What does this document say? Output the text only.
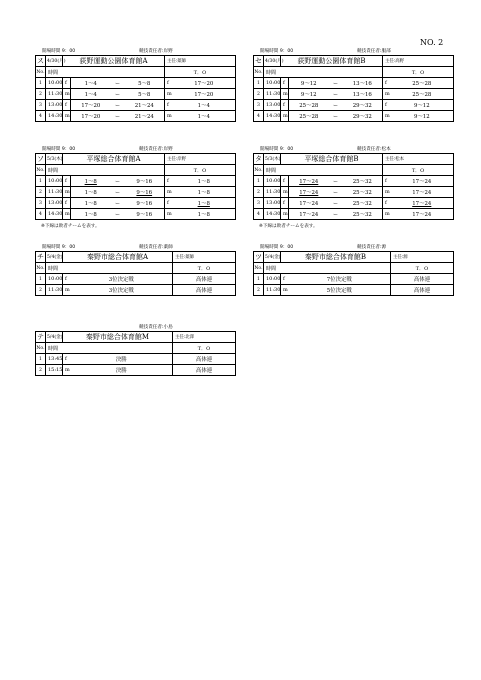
NO. 2
開場時間 9：00	競技責任者:岸野
ス	4/30(月)	荻野運動公園体育館A				主任:薬師	
No.	時間					T．O	
1	10:00	f	1〜4	ー	5〜8	f	17〜20
2	11:30	m	1〜4	ー	5〜8	m	17〜20
3	13:00	f	17〜20	ー	21〜24	f	1〜4
4	14:30	m	17〜20	ー	21〜24	m	1〜4
開場時間 9：00	競技責任者:服部
セ	4/30(月)	荻野運動公園体育館B				主任:高野	
No.	時間					T．O	
1	10:00	f	9〜12	ー	13〜16	f	25〜28
2	11:30	m	9〜12	ー	13〜16	m	25〜28
3	13:00	f	25〜28	ー	29〜32	f	9〜12
4	14:30	m	25〜28	ー	29〜32	m	9〜12
開場時間 9：00	競技責任者:岸野
ソ	5/3(木)	平塚総合体育館A				主任:岸野	
No.	時間					T．O	
1	10:00	f	1〜8	ー	9〜16	f	1〜8
2	11:30	m	1〜8	ー	9〜16	m	1〜8
3	13:00	f	1〜8	ー	9〜16	f	1〜8
4	14:30	m	1〜8	ー	9〜16	m	1〜8
※下線は敗者チームを表す。
開場時間 9：00	競技責任者:松本
タ	5/3(木)	平塚総合体育館B				主任:松本	
No.	時間					T．O	
1	10:00	f	17〜24	ー	25〜32	f	17〜24
2	11:30	m	17〜24	ー	25〜32	m	17〜24
3	13:00	f	17〜24	ー	25〜32	f	17〜24
4	14:30	m	17〜24	ー	25〜32	m	17〜24
※下線は敗者チームを表す。
開場時間 9：00	競技責任者:薬師
チ	5/4(金)	秦野市総合体育館A		主任:薬師
No.	時間			T．O
1	10:00	f	3位決定戦	高体連
2	11:30	m	3位決定戦	高体連
開場時間 9：00	競技責任者:源
ツ	5/4(金)	秦野市総合体育館B		主任:源
No.	時間			T．O
1	10:00	f	7位決定戦	高体連
2	11:30	m	5位決定戦	高体連
競技責任者:小島
テ	5/4(金)	秦野市総合体育館M		主任:北澤
No.	時間			T．O
1	13:45	f	決勝	高体連
2	15:15	m	決勝	高体連
